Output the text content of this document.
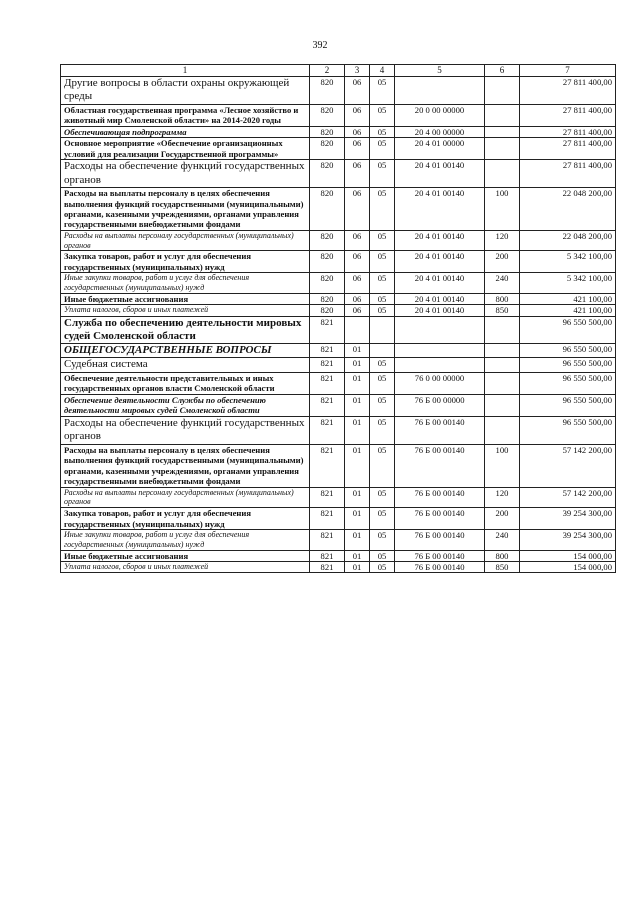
392
1	2	3	4	5	6	7
Другие вопросы в области охраны окружающей среды	820	06	05			27 811 400,00
Областная государственная программа «Лесное хозяйство и животный мир Смоленской области» на 2014-2020 годы	820	06	05	20 0 00 00000		27 811 400,00
Обеспечивающая подпрограмма	820	06	05	20 4 00 00000		27 811 400,00
Основное мероприятие «Обеспечение организационных условий для реализации Государственной программы»	820	06	05	20 4 01 00000		27 811 400,00
Расходы на обеспечение функций государственных органов	820	06	05	20 4 01 00140		27 811 400,00
Расходы на выплаты персоналу в целях обеспечения выполнения функций государственными (муниципальными) органами, казенными учреждениями, органами управления государственными внебюджетными фондами	820	06	05	20 4 01 00140	100	22 048 200,00
Расходы на выплаты персоналу государственных (муниципальных) органов	820	06	05	20 4 01 00140	120	22 048 200,00
Закупка товаров, работ и услуг для обеспечения государственных (муниципальных) нужд	820	06	05	20 4 01 00140	200	5 342 100,00
Иные закупки товаров, работ и услуг для обеспечения государственных (муниципальных) нужд	820	06	05	20 4 01 00140	240	5 342 100,00
Иные бюджетные ассигнования	820	06	05	20 4 01 00140	800	421 100,00
Уплата налогов, сборов и иных платежей	820	06	05	20 4 01 00140	850	421 100,00
Служба по обеспечению деятельности мировых судей Смоленской области	821					96 550 500,00
ОБЩЕГОСУДАРСТВЕННЫЕ ВОПРОСЫ	821	01				96 550 500,00
Судебная система	821	01	05			96 550 500,00
Обеспечение деятельности представительных и иных государственных органов власти Смоленской области	821	01	05	76 0 00 00000		96 550 500,00
Обеспечение деятельности Службы по обеспечению деятельности мировых судей Смоленской области	821	01	05	76 Б 00 00000		96 550 500,00
Расходы на обеспечение функций государственных органов	821	01	05	76 Б 00 00140		96 550 500,00
Расходы на выплаты персоналу в целях обеспечения выполнения функций государственными (муниципальными) органами, казенными учреждениями, органами управления государственными внебюджетными фондами	821	01	05	76 Б 00 00140	100	57 142 200,00
Расходы на выплаты персоналу государственных (муниципальных) органов	821	01	05	76 Б 00 00140	120	57 142 200,00
Закупка товаров, работ и услуг для обеспечения государственных (муниципальных) нужд	821	01	05	76 Б 00 00140	200	39 254 300,00
Иные закупки товаров, работ и услуг для обеспечения государственных (муниципальных) нужд	821	01	05	76 Б 00 00140	240	39 254 300,00
Иные бюджетные ассигнования	821	01	05	76 Б 00 00140	800	154 000,00
Уплата налогов, сборов и иных платежей	821	01	05	76 Б 00 00140	850	154 000,00
